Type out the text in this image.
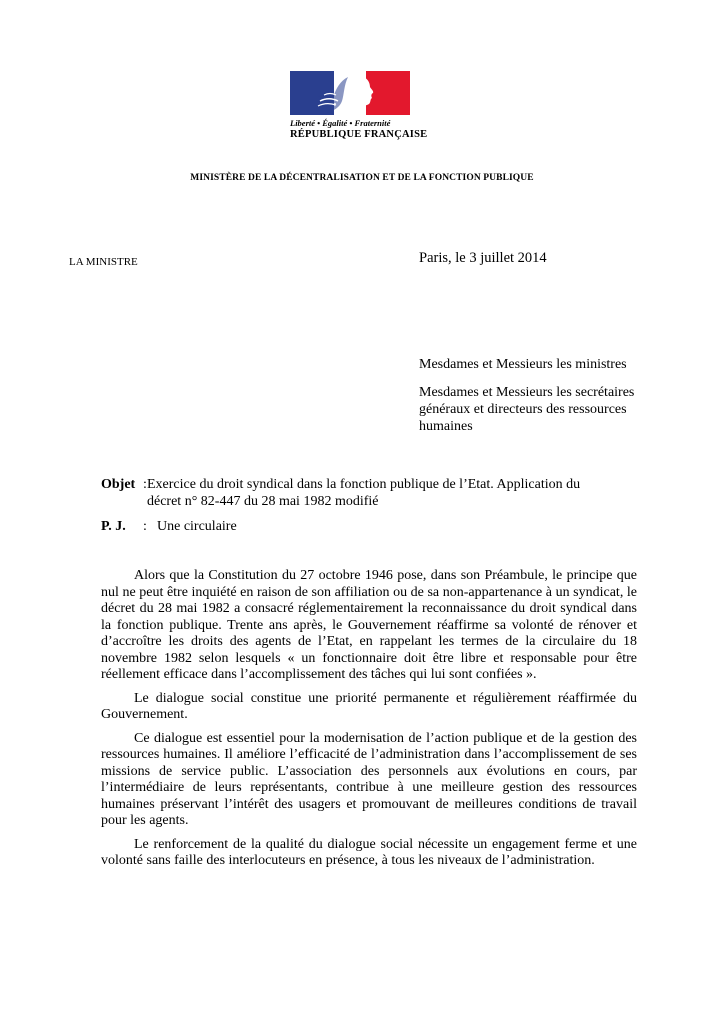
Liberté • Égalité • Fraternité
RÉPUBLIQUE FRANÇAISE
MINISTÈRE DE LA DÉCENTRALISATION ET DE LA FONCTION PUBLIQUE
LA MINISTRE	Paris, le 3 juillet 2014
Mesdames et Messieurs les ministres
Mesdames et Messieurs les secrétaires généraux et directeurs des ressources humaines
Objet : Exercice du droit syndical dans la fonction publique de l’Etat. Application du décret n° 82-447 du 28 mai 1982 modifié
P. J. : Une circulaire

Alors que la Constitution du 27 octobre 1946 pose, dans son Préambule, le principe que nul ne peut être inquiété en raison de son affiliation ou de sa non-appartenance à un syndicat, le décret du 28 mai 1982 a consacré réglementairement la reconnaissance du droit syndical dans la fonction publique. Trente ans après, le Gouvernement réaffirme sa volonté de rénover et d’accroître les droits des agents de l’Etat, en rappelant les termes de la circulaire du 18 novembre 1982 selon lesquels « un fonctionnaire doit être libre et responsable pour être réellement efficace dans l’accomplissement des tâches qui lui sont confiées ».

Le dialogue social constitue une priorité permanente et régulièrement réaffirmée du Gouvernement.

Ce dialogue est essentiel pour la modernisation de l’action publique et de la gestion des ressources humaines. Il améliore l’efficacité de l’administration dans l’accomplissement de ses missions de service public. L’association des personnels aux évolutions en cours, par l’intermédiaire de leurs représentants, contribue à une meilleure gestion des ressources humaines préservant l’intérêt des usagers et promouvant de meilleures conditions de travail pour les agents.

Le renforcement de la qualité du dialogue social nécessite un engagement ferme et une volonté sans faille des interlocuteurs en présence, à tous les niveaux de l’administration.
